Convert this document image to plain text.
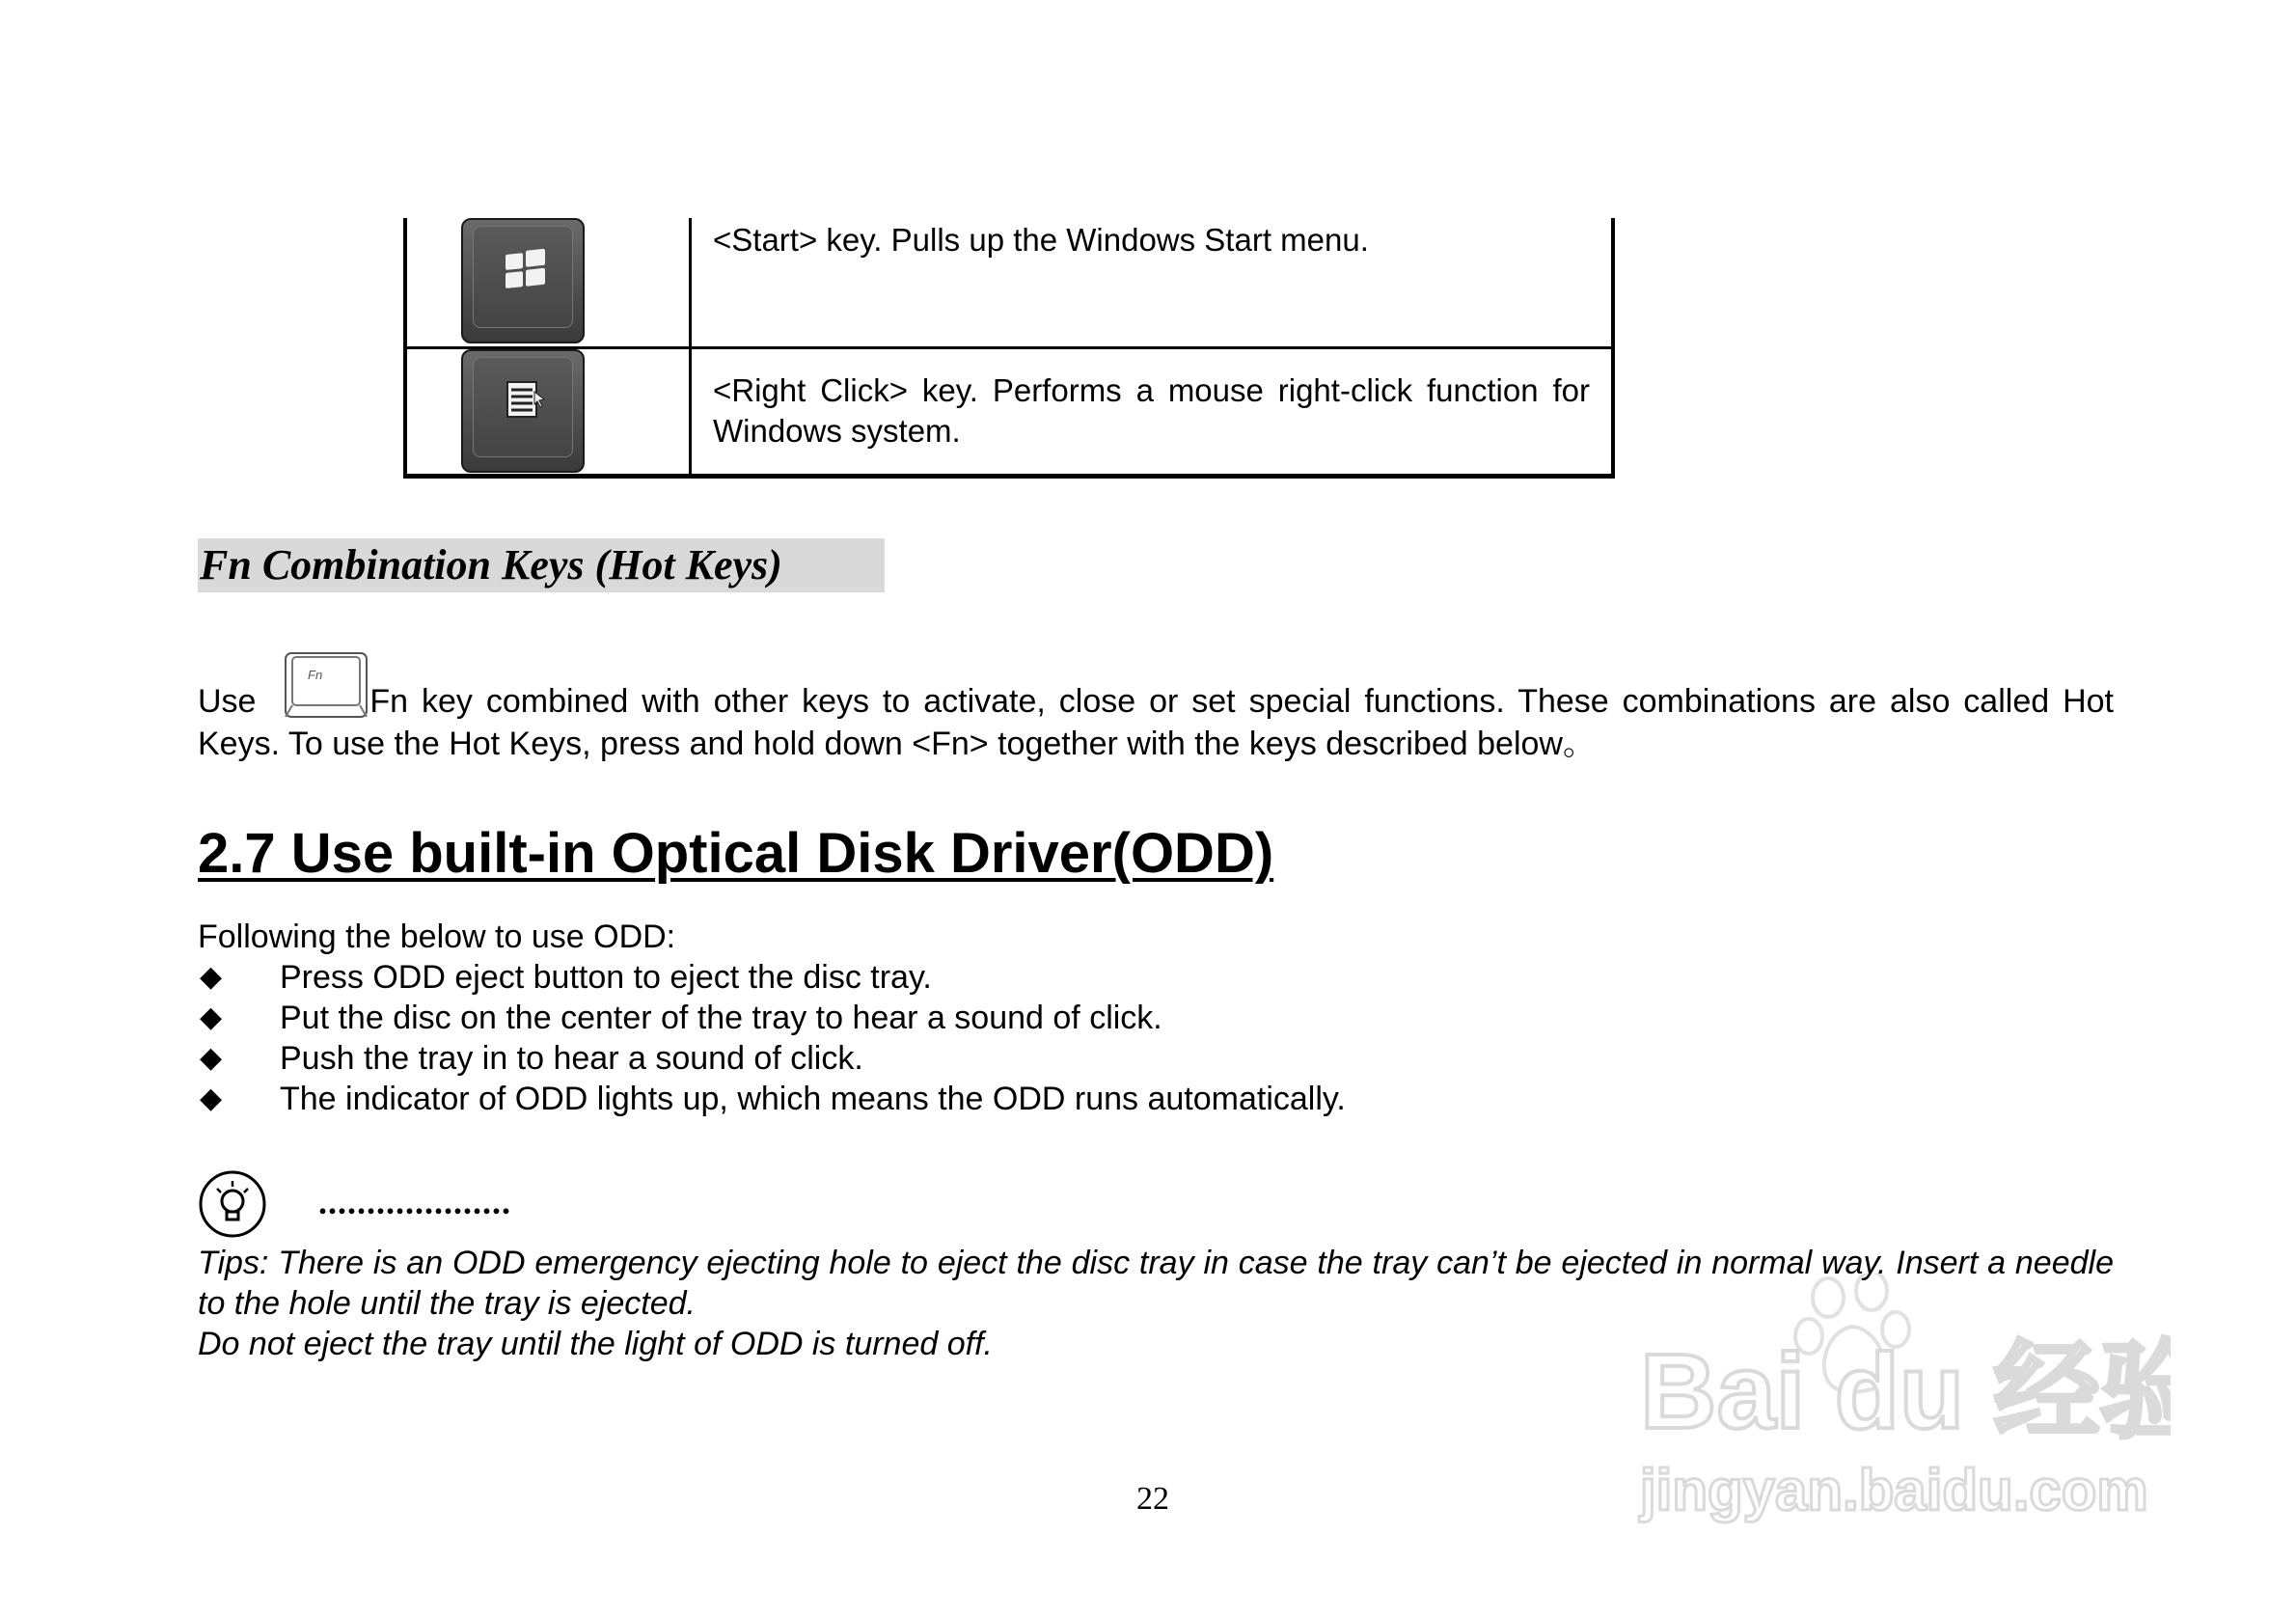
<Start> key. Pulls up the Windows Start menu.
<Right Click> key. Performs a mouse right-click function for Windows system.
Fn Combination Keys (Hot Keys)
Use
Fn
Fn key combined with other keys to activate, close or set special functions. These combinations are also called Hot Keys. To use the Hot Keys, press and hold down <Fn> together with the keys described below。
2.7 Use built-in Optical Disk Driver(ODD)
Following the below to use ODD:
◆ Press ODD eject button to eject the disc tray.
◆ Put the disc on the center of the tray to hear a sound of click.
◆ Push the tray in to hear a sound of click.
◆ The indicator of ODD lights up, which means the ODD runs automatically.
....................

Tips: There is an ODD emergency ejecting hole to eject the disc tray in case the tray can’t be ejected in normal way. Insert a needle to the hole until the tray is ejected.

Do not eject the tray until the light of ODD is turned off.

22
Bai du 经验
jingyan.baidu.com
